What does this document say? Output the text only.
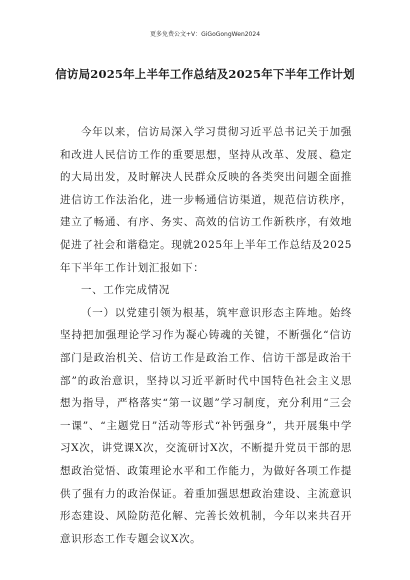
更多免费公文+V：GiGoGongWen2024
信访局2025年上半年工作总结及2025年下半年工作计划

今年以来，信访局深入学习贯彻习近平总书记关于加强和改进人民信访工作的重要思想，坚持从改革、发展、稳定的大局出发，及时解决人民群众反映的各类突出问题全面推进信访工作法治化，进一步畅通信访渠道，规范信访秩序，建立了畅通、有序、务实、高效的信访工作新秩序，有效地促进了社会和谐稳定。现就2025年上半年工作总结及2025年下半年工作计划汇报如下：

一、工作完成情况

（一）以党建引领为根基，筑牢意识形态主阵地。始终坚持把加强理论学习作为凝心铸魂的关键，不断强化“信访部门是政治机关、信访工作是政治工作、信访干部是政治干部”的政治意识，坚持以习近平新时代中国特色社会主义思想为指导，严格落实“第一议题”学习制度，充分利用“三会一课”、“主题党日”活动等形式“补钙强身”，共开展集中学习X次，讲党课X次，交流研讨X次，不断提升党员干部的思想政治觉悟、政策理论水平和工作能力，为做好各项工作提供了强有力的政治保证。着重加强思想政治建设、主流意识形态建设、风险防范化解、完善长效机制，今年以来共召开意识形态工作专题会议X次。
